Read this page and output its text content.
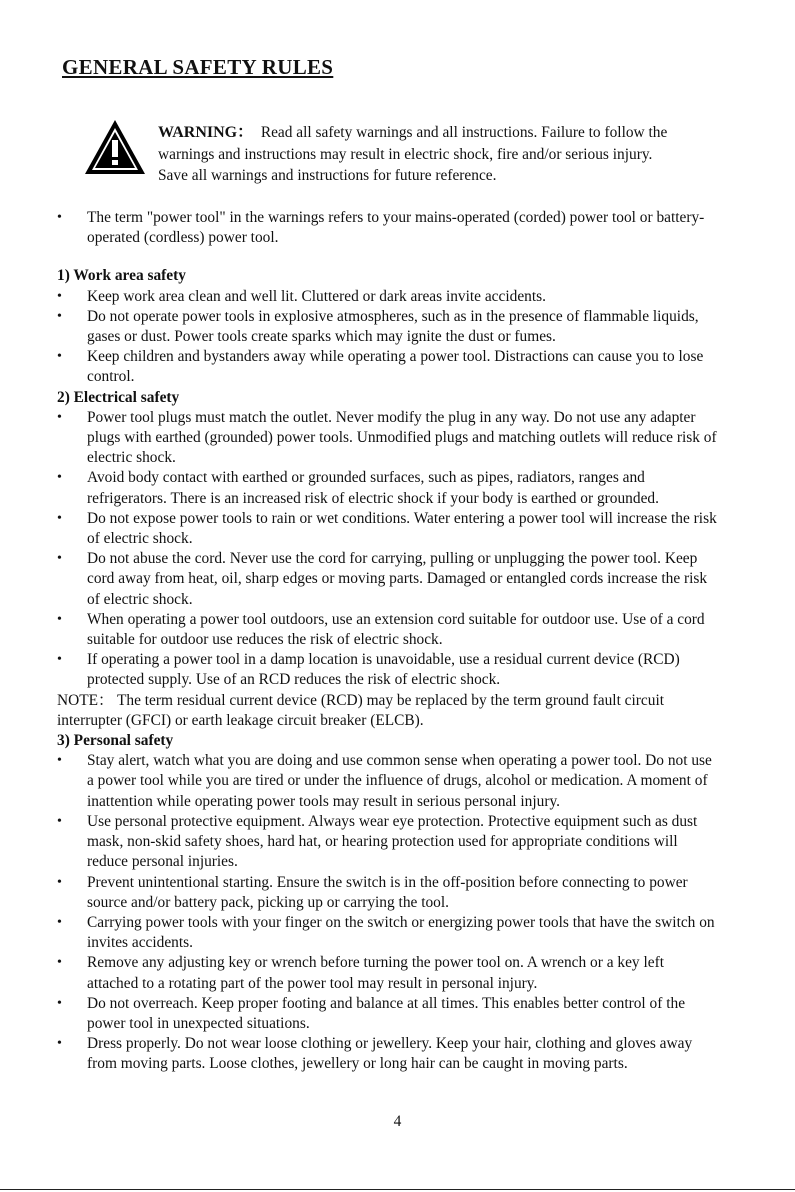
GENERAL SAFETY RULES

WARNING： Read all safety warnings and all instructions. Failure to follow the

warnings and instructions may result in electric shock, fire and/or serious injury.

Save all warnings and instructions for future reference.

• The term "power tool" in the warnings refers to your mains-operated (corded) power tool or battery-operated (cordless) power tool.

1) Work area safety

• Keep work area clean and well lit. Cluttered or dark areas invite accidents.

• Do not operate power tools in explosive atmospheres, such as in the presence of flammable liquids, gases or dust. Power tools create sparks which may ignite the dust or fumes.

• Keep children and bystanders away while operating a power tool. Distractions can cause you to lose control.

2) Electrical safety

• Power tool plugs must match the outlet. Never modify the plug in any way. Do not use any adapter plugs with earthed (grounded) power tools. Unmodified plugs and matching outlets will reduce risk of electric shock.

• Avoid body contact with earthed or grounded surfaces, such as pipes, radiators, ranges and refrigerators. There is an increased risk of electric shock if your body is earthed or grounded.

• Do not expose power tools to rain or wet conditions. Water entering a power tool will increase the risk of electric shock.

• Do not abuse the cord. Never use the cord for carrying, pulling or unplugging the power tool. Keep cord away from heat, oil, sharp edges or moving parts. Damaged or entangled cords increase the risk of electric shock.

• When operating a power tool outdoors, use an extension cord suitable for outdoor use. Use of a cord suitable for outdoor use reduces the risk of electric shock.

• If operating a power tool in a damp location is unavoidable, use a residual current device (RCD) protected supply. Use of an RCD reduces the risk of electric shock.

NOTE： The term residual current device (RCD) may be replaced by the term ground fault circuit interrupter (GFCI) or earth leakage circuit breaker (ELCB).

3) Personal safety

• Stay alert, watch what you are doing and use common sense when operating a power tool. Do not use a power tool while you are tired or under the influence of drugs, alcohol or medication. A moment of inattention while operating power tools may result in serious personal injury.

• Use personal protective equipment. Always wear eye protection. Protective equipment such as dust mask, non-skid safety shoes, hard hat, or hearing protection used for appropriate conditions will reduce personal injuries.

• Prevent unintentional starting. Ensure the switch is in the off-position before connecting to power source and/or battery pack, picking up or carrying the tool.

• Carrying power tools with your finger on the switch or energizing power tools that have the switch on invites accidents.

• Remove any adjusting key or wrench before turning the power tool on. A wrench or a key left attached to a rotating part of the power tool may result in personal injury.

• Do not overreach. Keep proper footing and balance at all times. This enables better control of the power tool in unexpected situations.

• Dress properly. Do not wear loose clothing or jewellery. Keep your hair, clothing and gloves away from moving parts. Loose clothes, jewellery or long hair can be caught in moving parts.

4
